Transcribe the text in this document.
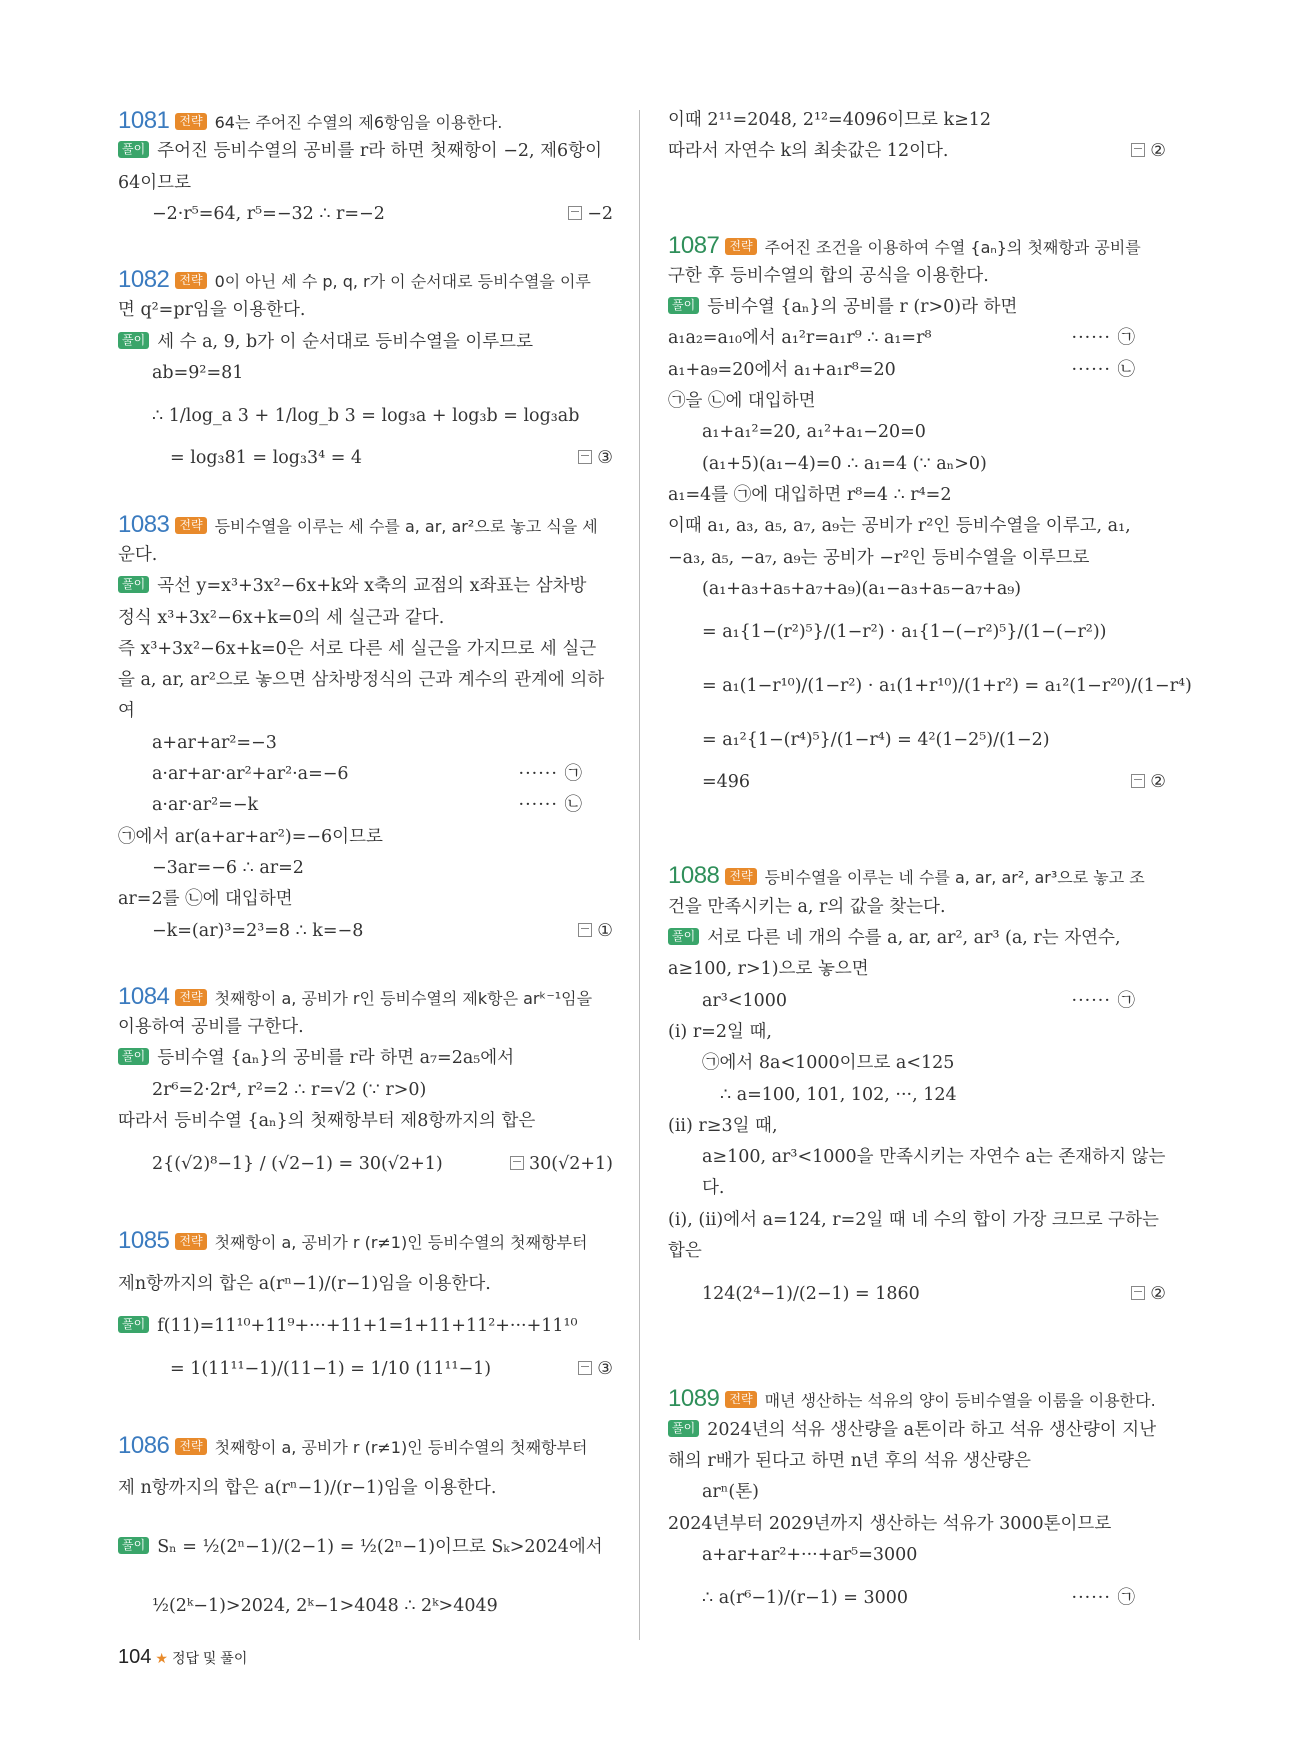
1081 전략 64는 주어진 수열의 제6항임을 이용한다.
풀이 주어진 등비수열의 공비를 r라 하면 첫째항이 −2, 제6항이
64이므로
−2·r⁵=64, r⁵=−32 ∴ r=−2	−2
1082 전략 0이 아닌 세 수 p, q, r가 이 순서대로 등비수열을 이루
면 q²=pr임을 이용한다.
풀이 세 수 a, 9, b가 이 순서대로 등비수열을 이루므로
ab=9²=81
∴ 1/log_a 3 + 1/log_b 3 = log₃a + log₃b = log₃ab
= log₃81 = log₃3⁴ = 4	③
1083 전략 등비수열을 이루는 세 수를 a, ar, ar²으로 놓고 식을 세
운다.
풀이 곡선 y=x³+3x²−6x+k와 x축의 교점의 x좌표는 삼차방
정식 x³+3x²−6x+k=0의 세 실근과 같다.
즉 x³+3x²−6x+k=0은 서로 다른 세 실근을 가지므로 세 실근
을 a, ar, ar²으로 놓으면 삼차방정식의 근과 계수의 관계에 의하
여
a+ar+ar²=−3
a·ar+ar·ar²+ar²·a=−6	······ ㉠
a·ar·ar²=−k	······ ㉡
㉠에서 ar(a+ar+ar²)=−6이므로
−3ar=−6 ∴ ar=2
ar=2를 ㉡에 대입하면
−k=(ar)³=2³=8 ∴ k=−8	①
1084 전략 첫째항이 a, 공비가 r인 등비수열의 제k항은 arᵏ⁻¹임을
이용하여 공비를 구한다.
풀이 등비수열 {aₙ}의 공비를 r라 하면 a₇=2a₅에서
2r⁶=2·2r⁴, r²=2 ∴ r=√2 (∵ r>0)
따라서 등비수열 {aₙ}의 첫째항부터 제8항까지의 합은
2{(√2)⁸−1} / (√2−1) = 30(√2+1)	30(√2+1)
1085 전략 첫째항이 a, 공비가 r (r≠1)인 등비수열의 첫째항부터
제n항까지의 합은 a(rⁿ−1)/(r−1)임을 이용한다.
풀이 f(11)=11¹⁰+11⁹+···+11+1=1+11+11²+···+11¹⁰
= 1(11¹¹−1)/(11−1) = 1/10 (11¹¹−1)	③
1086 전략 첫째항이 a, 공비가 r (r≠1)인 등비수열의 첫째항부터
제 n항까지의 합은 a(rⁿ−1)/(r−1)임을 이용한다.
풀이 Sₙ = ½(2ⁿ−1)/(2−1) = ½(2ⁿ−1)이므로 Sₖ>2024에서
½(2ᵏ−1)>2024, 2ᵏ−1>4048 ∴ 2ᵏ>4049
이때 2¹¹=2048, 2¹²=4096이므로 k≥12
따라서 자연수 k의 최솟값은 12이다.	②
1087 전략 주어진 조건을 이용하여 수열 {aₙ}의 첫째항과 공비를
구한 후 등비수열의 합의 공식을 이용한다.
풀이 등비수열 {aₙ}의 공비를 r (r>0)라 하면
a₁a₂=a₁₀에서 a₁²r=a₁r⁹ ∴ a₁=r⁸	······ ㉠
a₁+a₉=20에서 a₁+a₁r⁸=20	······ ㉡
㉠을 ㉡에 대입하면
a₁+a₁²=20, a₁²+a₁−20=0
(a₁+5)(a₁−4)=0 ∴ a₁=4 (∵ aₙ>0)
a₁=4를 ㉠에 대입하면 r⁸=4 ∴ r⁴=2
이때 a₁, a₃, a₅, a₇, a₉는 공비가 r²인 등비수열을 이루고, a₁,
−a₃, a₅, −a₇, a₉는 공비가 −r²인 등비수열을 이루므로
(a₁+a₃+a₅+a₇+a₉)(a₁−a₃+a₅−a₇+a₉)
= a₁{1−(r²)⁵}/(1−r²) · a₁{1−(−r²)⁵}/(1−(−r²))
= a₁(1−r¹⁰)/(1−r²) · a₁(1+r¹⁰)/(1+r²) = a₁²(1−r²⁰)/(1−r⁴)
= a₁²{1−(r⁴)⁵}/(1−r⁴) = 4²(1−2⁵)/(1−2)
=496	②
1088 전략 등비수열을 이루는 네 수를 a, ar, ar², ar³으로 놓고 조
건을 만족시키는 a, r의 값을 찾는다.
풀이 서로 다른 네 개의 수를 a, ar, ar², ar³ (a, r는 자연수,
a≥100, r>1)으로 놓으면
ar³<1000	······ ㉠
(i) r=2일 때,
㉠에서 8a<1000이므로 a<125
∴ a=100, 101, 102, ···, 124
(ii) r≥3일 때,
a≥100, ar³<1000을 만족시키는 자연수 a는 존재하지 않는
다.
(i), (ii)에서 a=124, r=2일 때 네 수의 합이 가장 크므로 구하는
합은
124(2⁴−1)/(2−1) = 1860	②
1089 전략 매년 생산하는 석유의 양이 등비수열을 이룸을 이용한다.
풀이 2024년의 석유 생산량을 a톤이라 하고 석유 생산량이 지난
해의 r배가 된다고 하면 n년 후의 석유 생산량은
arⁿ(톤)
2024년부터 2029년까지 생산하는 석유가 3000톤이므로
a+ar+ar²+···+ar⁵=3000
∴ a(r⁶−1)/(r−1) = 3000	······ ㉠
104 ★ 정답 및 풀이
